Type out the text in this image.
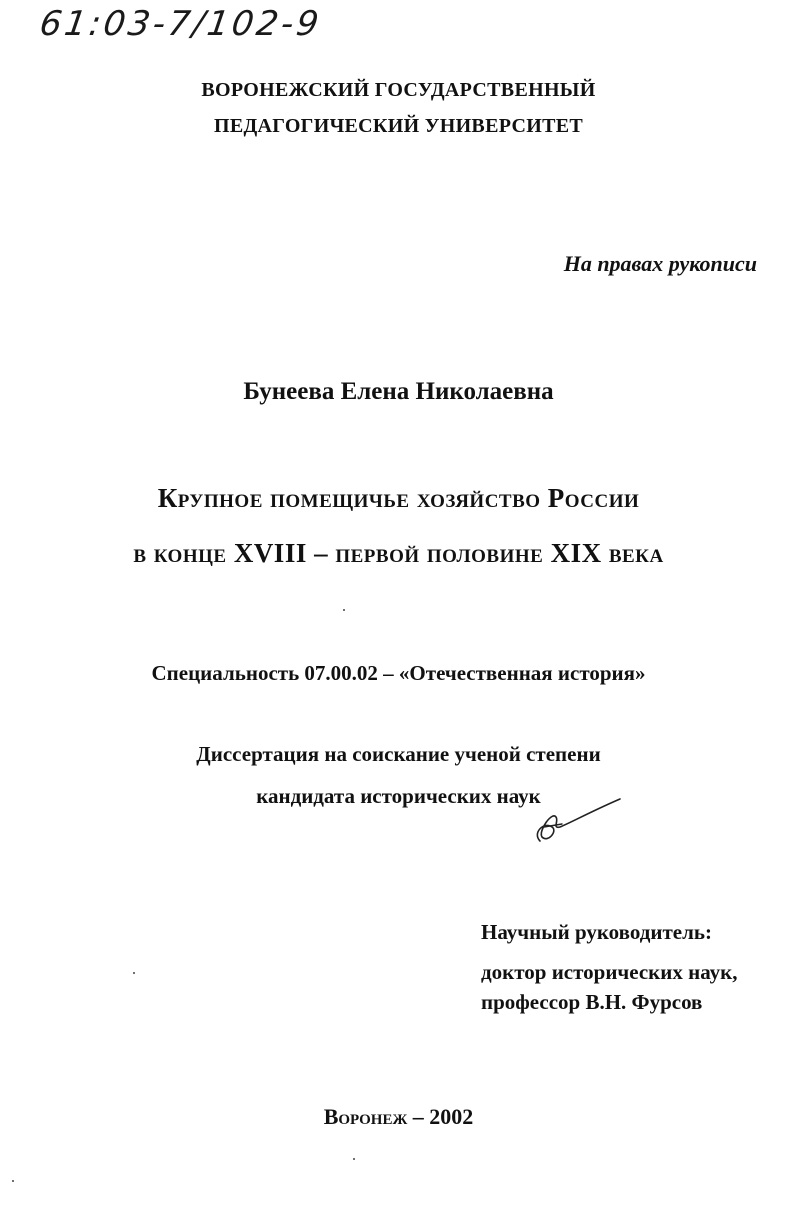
61:03-7/102-9
ВОРОНЕЖСКИЙ ГОСУДАРСТВЕННЫЙ
ПЕДАГОГИЧЕСКИЙ УНИВЕРСИТЕТ
На правах рукописи
Бунеева Елена Николаевна
Крупное помещичье хозяйство России
в конце XVIII – первой половине XIX века
Специальность 07.00.02 – «Отечественная история»
Диссертация на соискание ученой степени
кандидата исторических наук
Научный руководитель:
доктор исторических наук,
профессор В.Н. Фурсов
Воронеж – 2002
